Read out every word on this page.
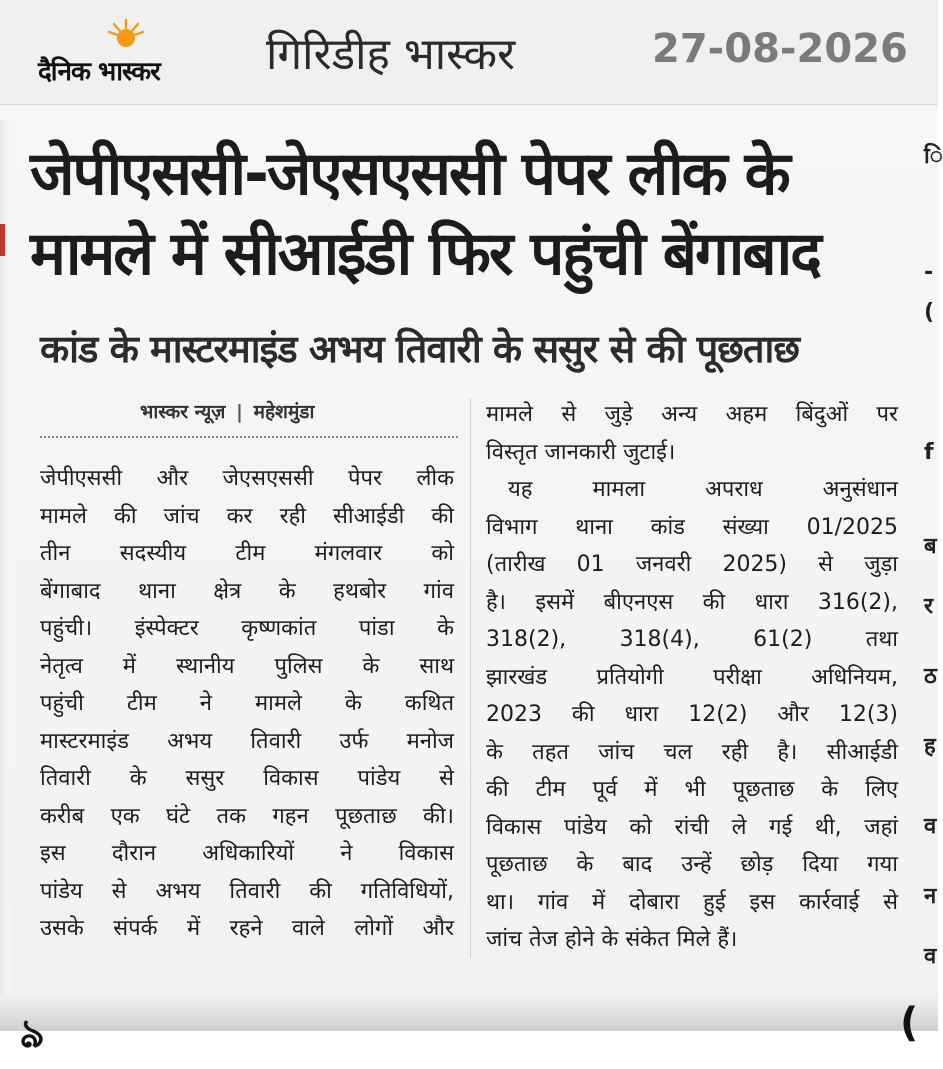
दैनिक भास्कर गिरिडीह भास्कर	27-08-2026
ि
-
(
f
ब
र
ठ
ह
व
न
व
जेपीएससी-जेएसएससी पेपर लीक के
मामले में सीआईडी फिर पहुंची बेंगाबाद
कांड के मास्टरमाइंड अभय तिवारी के ससुर से की पूछताछ
भास्कर न्यूज़ | महेशमुंडा
जेपीएससी और जेएसएससी पेपर लीक
मामले की जांच कर रही सीआईडी की
तीन सदस्यीय टीम मंगलवार को
बेंगाबाद थाना क्षेत्र के हथबोर गांव
पहुंची। इंस्पेक्टर कृष्णकांत पांडा के
नेतृत्व में स्थानीय पुलिस के साथ
पहुंची टीम ने मामले के कथित
मास्टरमाइंड अभय तिवारी उर्फ मनोज
तिवारी के ससुर विकास पांडेय से
करीब एक घंटे तक गहन पूछताछ की।
इस दौरान अधिकारियों ने विकास
पांडेय से अभय तिवारी की गतिविधियों,
उसके संपर्क में रहने वाले लोगों और
मामले से जुड़े अन्य अहम बिंदुओं पर
विस्तृत जानकारी जुटाई।
यह मामला अपराध अनुसंधान
विभाग थाना कांड संख्या 01/2025
(तारीख 01 जनवरी 2025) से जुड़ा
है। इसमें बीएनएस की धारा 316(2),
318(2), 318(4), 61(2) तथा
झारखंड प्रतियोगी परीक्षा अधिनियम,
2023 की धारा 12(2) और 12(3)
के तहत जांच चल रही है। सीआईडी
की टीम पूर्व में भी पूछताछ के लिए
विकास पांडेय को रांची ले गई थी, जहां
पूछताछ के बाद उन्हें छोड़ दिया गया
था। गांव में दोबारा हुई इस कार्रवाई से
जांच तेज होने के संकेत मिले हैं।
ঌ	(
